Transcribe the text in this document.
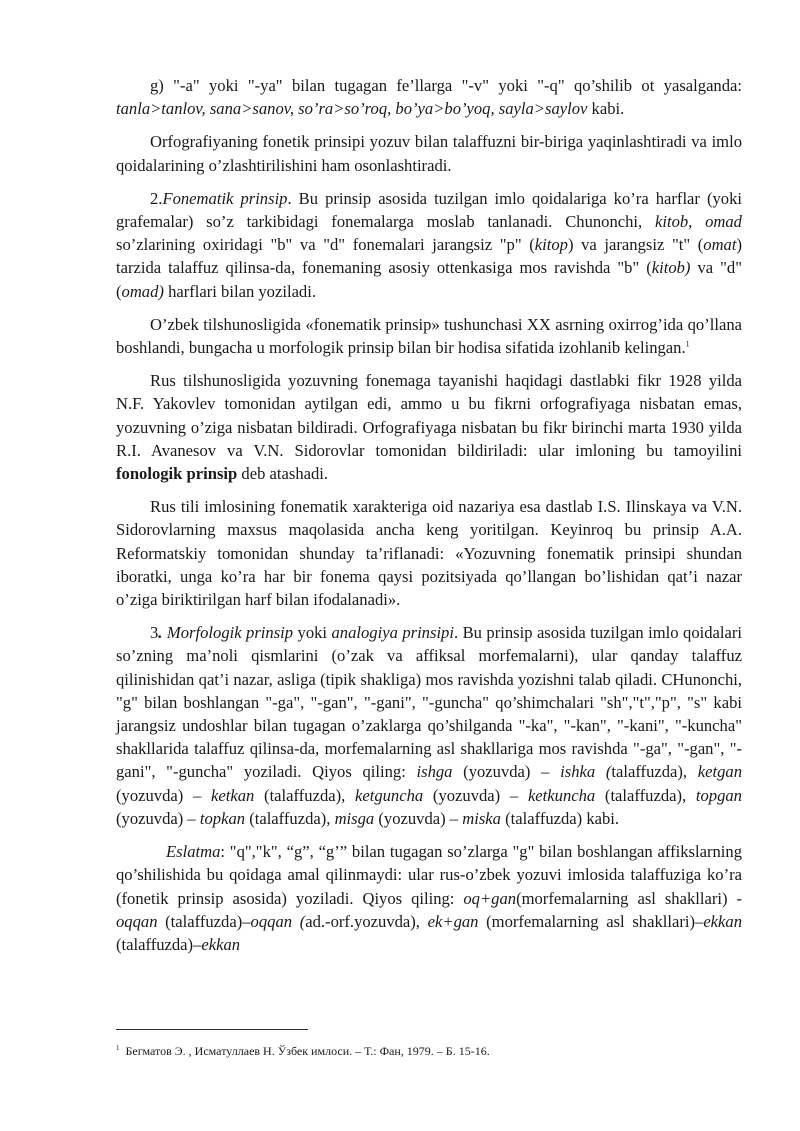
g) "-a" yoki "-ya" bilan tugagan fe’llarga "-v" yoki "-q" qo’shilib ot yasalganda: tanla>tanlov, sana>sanov, so’ra>so’roq, bo’ya>bo’yoq, sayla>saylov kabi.

Orfografiyaning fonetik prinsipi yozuv bilan talaffuzni bir-biriga yaqinlashtiradi va imlo qoidalarining o’zlashtirilishini ham osonlashtiradi.

2.Fonematik prinsip. Bu prinsip asosida tuzilgan imlo qoidalariga ko’ra harflar (yoki grafemalar) so’z tarkibidagi fonemalarga moslab tanlanadi. Chunonchi, kitob, omad so’zlarining oxiridagi "b" va "d" fonemalari jarangsiz "p" (kitop) va jarangsiz "t" (omat) tarzida talaffuz qilinsa-da, fonemaning asosiy ottenkasiga mos ravishda "b" (kitob) va "d" (omad) harflari bilan yoziladi.

O’zbek tilshunosligida «fonematik prinsip» tushunchasi XX asrning oxirrog’ida qo’llana boshlandi, bungacha u morfologik prinsip bilan bir hodisa sifatida izohlanib kelingan.$^1$

Rus tilshunosligida yozuvning fonemaga tayanishi haqidagi dastlabki fikr 1928 yilda N.F. Yakovlev tomonidan aytilgan edi, ammo u bu fikrni orfografiyaga nisbatan emas, yozuvning o’ziga nisbatan bildiradi. Orfografiyaga nisbatan bu fikr birinchi marta 1930 yilda R.I. Avanesov va V.N. Sidorovlar tomonidan bildiriladi: ular imloning bu tamoyilini fonologik prinsip deb atashadi.

Rus tili imlosining fonematik xarakteriga oid nazariya esa dastlab I.S. Ilinskaya va V.N. Sidorovlarning maxsus maqolasida ancha keng yoritilgan. Keyinroq bu prinsip A.A. Reformatskiy tomonidan shunday ta’riflanadi: «Yozuvning fonematik prinsipi shundan iboratki, unga ko’ra har bir fonema qaysi pozitsiyada qo’llangan bo’lishidan qat’i nazar o’ziga biriktirilgan harf bilan ifodalanadi».

3. Morfologik prinsip yoki analogiya prinsipi. Bu prinsip asosida tuzilgan imlo qoidalari so’zning ma’noli qismlarini (o’zak va affiksal morfemalarni), ular qanday talaffuz qilinishidan qat’i nazar, asliga (tipik shakliga) mos ravishda yozishni talab qiladi. CHunonchi, "g" bilan boshlangan "-ga", "-gan", "-gani", "-guncha" qo’shimchalari "sh","t","p", "s" kabi jarangsiz undoshlar bilan tugagan o’zaklarga qo’shilganda "-ka", "-kan", "-kani", "-kuncha" shakllarida talaffuz qilinsa-da, morfemalarning asl shakllariga mos ravishda "-ga", "-gan", "-gani", "-guncha" yoziladi. Qiyos qiling: ishga (yozuvda) – ishka (talaffuzda), ketgan (yozuvda) – ketkan (talaffuzda), ketguncha (yozuvda) – ketkuncha (talaffuzda), topgan (yozuvda) – topkan (talaffuzda), misga (yozuvda) – miska (talaffuzda) kabi.

Eslatma: "q","k", “g”, “g’” bilan tugagan so’zlarga "g" bilan boshlangan affikslarning qo’shilishida bu qoidaga amal qilinmaydi: ular rus-o’zbek yozuvi imlosida talaffuziga ko’ra (fonetik prinsip asosida) yoziladi. Qiyos qiling: oq+gan(morfemalarning asl shakllari) - oqqan (talaffuzda)–oqqan (ad.-orf.yozuvda), ek+gan (morfemalarning asl shakllari)–ekkan (talaffuzda)–ekkan

$^1$ Бегматов Э. , Исматуллаев Н. Ўзбек имлоси. – Т.: Фан, 1979. – Б. 15-16.
